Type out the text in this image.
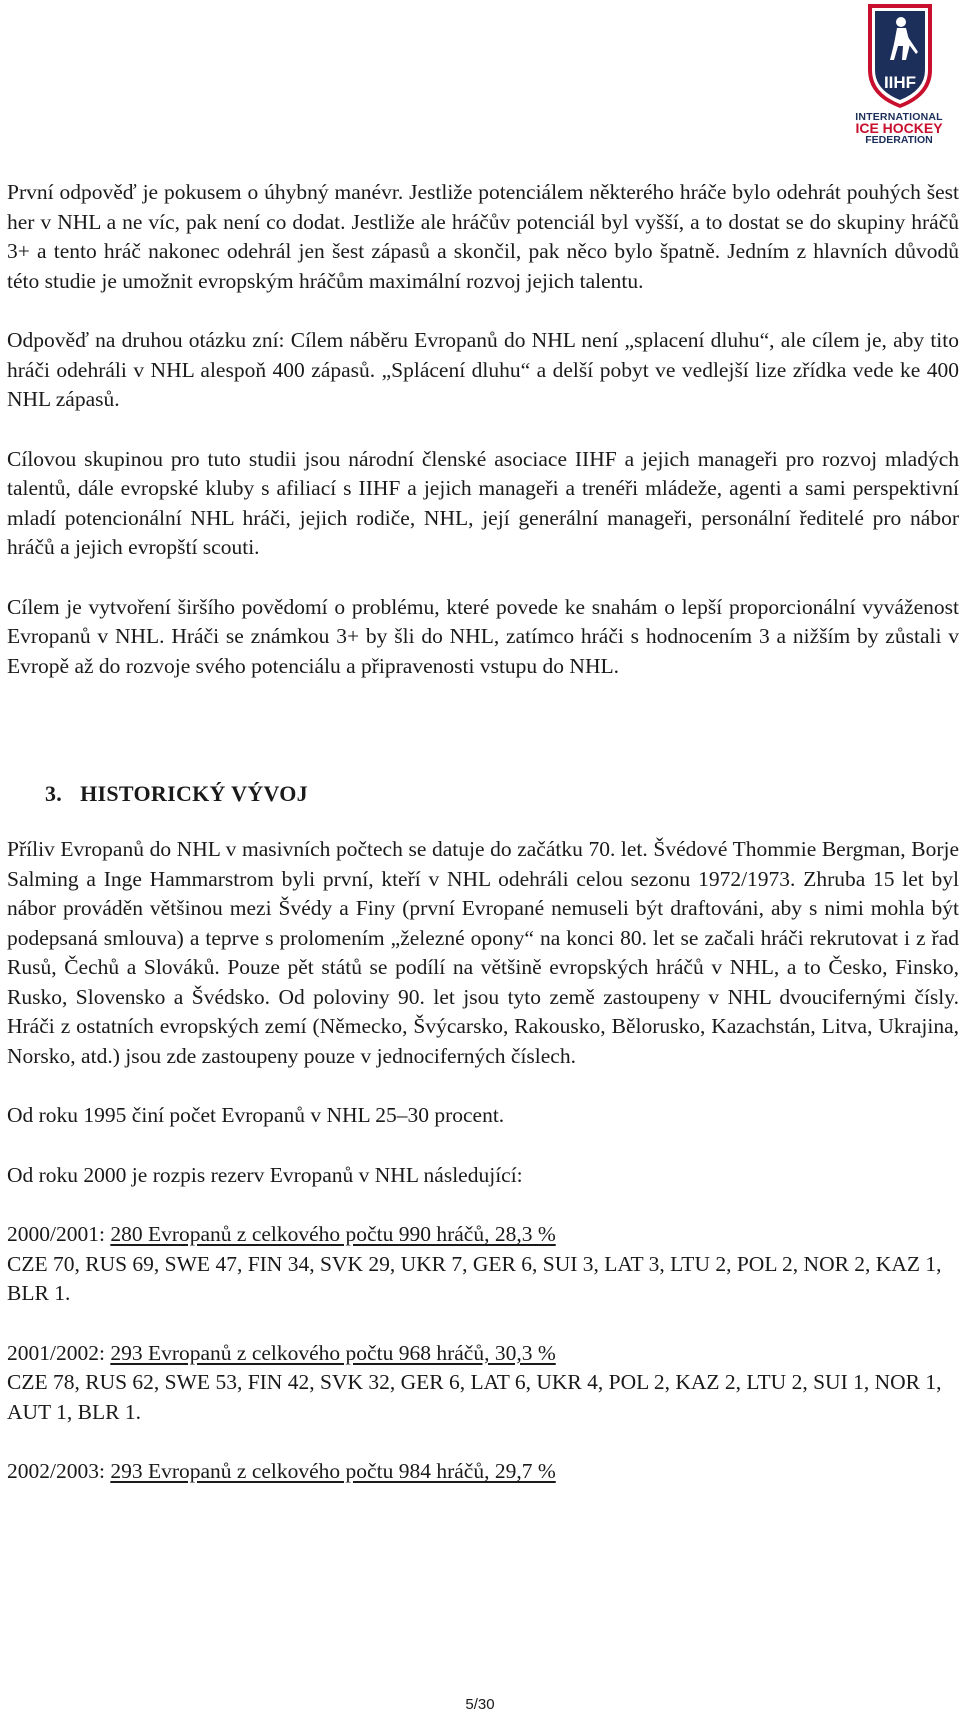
IIHF
INTERNATIONAL
ICE HOCKEY
FEDERATION

První odpověď je pokusem o úhybný manévr. Jestliže potenciálem některého hráče bylo odehrát pouhých šest her v NHL a ne víc, pak není co dodat. Jestliže ale hráčův potenciál byl vyšší, a to dostat se do skupiny hráčů 3+ a tento hráč nakonec odehrál jen šest zápasů a skončil, pak něco bylo špatně. Jedním z hlavních důvodů této studie je umožnit evropským hráčům maximální rozvoj jejich talentu.

Odpověď na druhou otázku zní: Cílem náběru Evropanů do NHL není „splacení dluhu“, ale cílem je, aby tito hráči odehráli v NHL alespoň 400 zápasů. „Splácení dluhu“ a delší pobyt ve vedlejší lize zřídka vede ke 400 NHL zápasů.

Cílovou skupinou pro tuto studii jsou národní členské asociace IIHF a jejich manageři pro rozvoj mladých talentů, dále evropské kluby s afiliací s IIHF a jejich manageři a trenéři mládeže, agenti a sami perspektivní mladí potencionální NHL hráči, jejich rodiče, NHL, její generální manageři, personální ředitelé pro nábor hráčů a jejich evropští scouti.

Cílem je vytvoření širšího povědomí o problému, které povede ke snahám o lepší proporcionální vyváženost Evropanů v NHL. Hráči se známkou 3+ by šli do NHL, zatímco hráči s hodnocením 3 a nižším by zůstali v Evropě až do rozvoje svého potenciálu a připravenosti vstupu do NHL.

3. HISTORICKÝ VÝVOJ

Příliv Evropanů do NHL v masivních počtech se datuje do začátku 70. let. Švédové Thommie Bergman, Borje Salming a Inge Hammarstrom byli první, kteří v NHL odehráli celou sezonu 1972/1973. Zhruba 15 let byl nábor prováděn většinou mezi Švédy a Finy (první Evropané nemuseli být draftováni, aby s nimi mohla být podepsaná smlouva) a teprve s prolomením „železné opony“ na konci 80. let se začali hráči rekrutovat i z řad Rusů, Čechů a Slováků. Pouze pět států se podílí na většině evropských hráčů v NHL, a to Česko, Finsko, Rusko, Slovensko a Švédsko. Od poloviny 90. let jsou tyto země zastoupeny v NHL dvoucifernými čísly. Hráči z ostatních evropských zemí (Německo, Švýcarsko, Rakousko, Bělorusko, Kazachstán, Litva, Ukrajina, Norsko, atd.) jsou zde zastoupeny pouze v jednociferných číslech.

Od roku 1995 činí počet Evropanů v NHL 25–30 procent.

Od roku 2000 je rozpis rezerv Evropanů v NHL následující:

2000/2001: 280 Evropanů z celkového počtu 990 hráčů, 28,3 %

CZE 70, RUS 69, SWE 47, FIN 34, SVK 29, UKR 7, GER 6, SUI 3, LAT 3, LTU 2, POL 2, NOR 2, KAZ 1, BLR 1.

2001/2002: 293 Evropanů z celkového počtu 968 hráčů, 30,3 %

CZE 78, RUS 62, SWE 53, FIN 42, SVK 32, GER 6, LAT 6, UKR 4, POL 2, KAZ 2, LTU 2, SUI 1, NOR 1, AUT 1, BLR 1.

2002/2003: 293 Evropanů z celkového počtu 984 hráčů, 29,7 %

5/30
